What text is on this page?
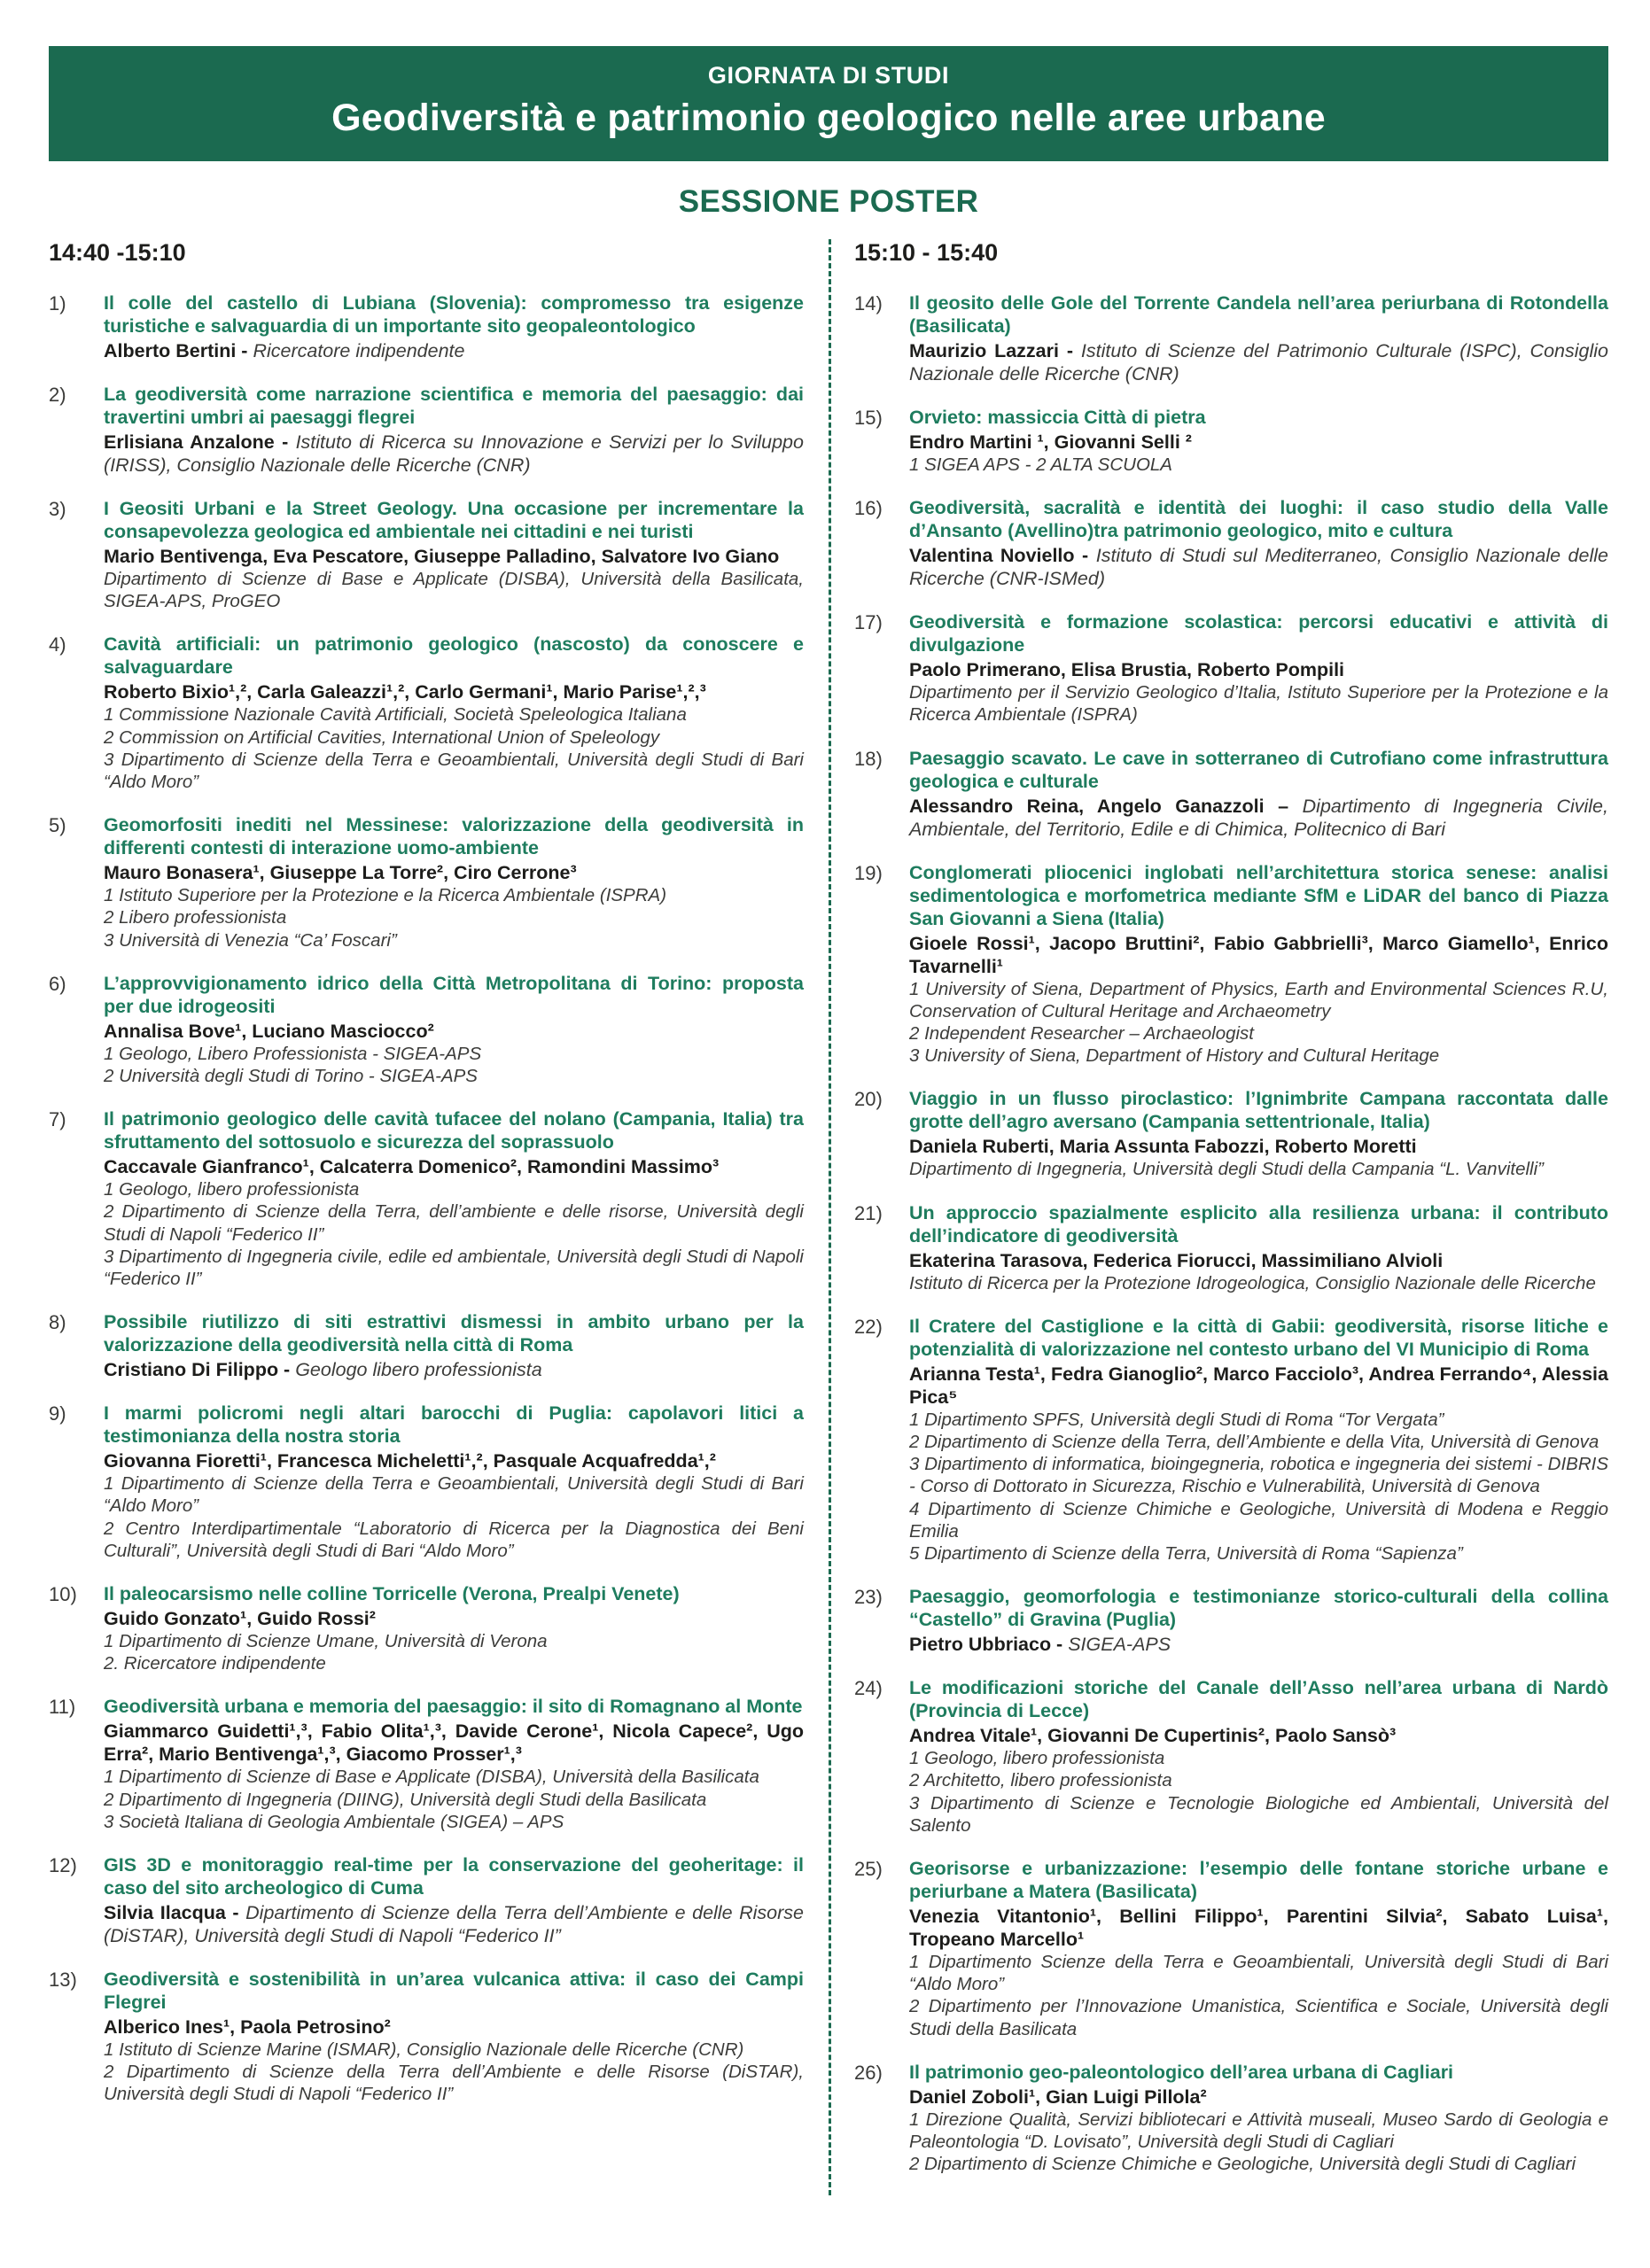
GIORNATA DI STUDI
Geodiversità e patrimonio geologico nelle aree urbane
SESSIONE POSTER
14:40 -15:10
1)	Il colle del castello di Lubiana (Slovenia): compromesso tra esigenze turistiche e salvaguardia di un importante sito geopaleontologico
Alberto Bertini - Ricercatore indipendente
2)	La geodiversità come narrazione scientifica e memoria del paesaggio: dai travertini umbri ai paesaggi flegrei
Erlisiana Anzalone - Istituto di Ricerca su Innovazione e Servizi per lo Sviluppo (IRISS), Consiglio Nazionale delle Ricerche (CNR)
3)	I Geositi Urbani e la Street Geology. Una occasione per incrementare la consapevolezza geologica ed ambientale nei cittadini e nei turisti
Mario Bentivenga, Eva Pescatore, Giuseppe Palladino, Salvatore Ivo Giano
Dipartimento di Scienze di Base e Applicate (DISBA), Università della Basilicata, SIGEA-APS, ProGEO
4)	Cavità artificiali: un patrimonio geologico (nascosto) da conoscere e salvaguardare
Roberto Bixio¹,², Carla Galeazzi¹,², Carlo Germani¹, Mario Parise¹,²,³
1 Commissione Nazionale Cavità Artificiali, Società Speleologica Italiana
2 Commission on Artificial Cavities, International Union of Speleology
3 Dipartimento di Scienze della Terra e Geoambientali, Università degli Studi di Bari “Aldo Moro”
5)	Geomorfositi inediti nel Messinese: valorizzazione della geodiversità in differenti contesti di interazione uomo-ambiente
Mauro Bonasera¹, Giuseppe La Torre², Ciro Cerrone³
1 Istituto Superiore per la Protezione e la Ricerca Ambientale (ISPRA)
2 Libero professionista
3 Università di Venezia “Ca’ Foscari”
6)	L’approvvigionamento idrico della Città Metropolitana di Torino: proposta per due idrogeositi
Annalisa Bove¹, Luciano Masciocco²
1 Geologo, Libero Professionista - SIGEA-APS
2 Università degli Studi di Torino - SIGEA-APS
7)	Il patrimonio geologico delle cavità tufacee del nolano (Campania, Italia) tra sfruttamento del sottosuolo e sicurezza del soprassuolo
Caccavale Gianfranco¹, Calcaterra Domenico², Ramondini Massimo³
1 Geologo, libero professionista
2 Dipartimento di Scienze della Terra, dell’ambiente e delle risorse, Università degli Studi di Napoli “Federico II”
3 Dipartimento di Ingegneria civile, edile ed ambientale, Università degli Studi di Napoli “Federico II”
8)	Possibile riutilizzo di siti estrattivi dismessi in ambito urbano per la valorizzazione della geodiversità nella città di Roma
Cristiano Di Filippo - Geologo libero professionista
9)	I marmi policromi negli altari barocchi di Puglia: capolavori litici a testimonianza della nostra storia
Giovanna Fioretti¹, Francesca Micheletti¹,², Pasquale Acquafredda¹,²
1 Dipartimento di Scienze della Terra e Geoambientali, Università degli Studi di Bari “Aldo Moro”
2 Centro Interdipartimentale “Laboratorio di Ricerca per la Diagnostica dei Beni Culturali”, Università degli Studi di Bari “Aldo Moro”
10)	Il paleocarsismo nelle colline Torricelle (Verona, Prealpi Venete)
Guido Gonzato¹, Guido Rossi²
1 Dipartimento di Scienze Umane, Università di Verona
2. Ricercatore indipendente
11)	Geodiversità urbana e memoria del paesaggio: il sito di Romagnano al Monte
Giammarco Guidetti¹,³, Fabio Olita¹,³, Davide Cerone¹, Nicola Capece², Ugo Erra², Mario Bentivenga¹,³, Giacomo Prosser¹,³
1 Dipartimento di Scienze di Base e Applicate (DISBA), Università della Basilicata
2 Dipartimento di Ingegneria (DIING), Università degli Studi della Basilicata
3 Società Italiana di Geologia Ambientale (SIGEA) – APS
12)	GIS 3D e monitoraggio real-time per la conservazione del geoheritage: il caso del sito archeologico di Cuma
Silvia Ilacqua - Dipartimento di Scienze della Terra dell’Ambiente e delle Risorse (DiSTAR), Università degli Studi di Napoli “Federico II”
13)	Geodiversità e sostenibilità in un’area vulcanica attiva: il caso dei Campi Flegrei
Alberico Ines¹, Paola Petrosino²
1 Istituto di Scienze Marine (ISMAR), Consiglio Nazionale delle Ricerche (CNR)
2 Dipartimento di Scienze della Terra dell’Ambiente e delle Risorse (DiSTAR), Università degli Studi di Napoli “Federico II”
15:10 - 15:40
14)	Il geosito delle Gole del Torrente Candela nell’area periurbana di Rotondella (Basilicata)
Maurizio Lazzari - Istituto di Scienze del Patrimonio Culturale (ISPC), Consiglio Nazionale delle Ricerche (CNR)
15)	Orvieto: massiccia Città di pietra
Endro Martini ¹, Giovanni Selli ²
1 SIGEA APS - 2 ALTA SCUOLA
16)	Geodiversità, sacralità e identità dei luoghi: il caso studio della Valle d’Ansanto (Avellino)tra patrimonio geologico, mito e cultura
Valentina Noviello - Istituto di Studi sul Mediterraneo, Consiglio Nazionale delle Ricerche (CNR-ISMed)
17)	Geodiversità e formazione scolastica: percorsi educativi e attività di divulgazione
Paolo Primerano, Elisa Brustia, Roberto Pompili
Dipartimento per il Servizio Geologico d’Italia, Istituto Superiore per la Protezione e la Ricerca Ambientale (ISPRA)
18)	Paesaggio scavato. Le cave in sotterraneo di Cutrofiano come infrastruttura geologica e culturale
Alessandro Reina, Angelo Ganazzoli – Dipartimento di Ingegneria Civile, Ambientale, del Territorio, Edile e di Chimica, Politecnico di Bari
19)	Conglomerati pliocenici inglobati nell’architettura storica senese: analisi sedimentologica e morfometrica mediante SfM e LiDAR del banco di Piazza San Giovanni a Siena (Italia)
Gioele Rossi¹, Jacopo Bruttini², Fabio Gabbrielli³, Marco Giamello¹, Enrico Tavarnelli¹
1 University of Siena, Department of Physics, Earth and Environmental Sciences R.U, Conservation of Cultural Heritage and Archaeometry
2 Independent Researcher – Archaeologist
3 University of Siena, Department of History and Cultural Heritage
20)	Viaggio in un flusso piroclastico: l’Ignimbrite Campana raccontata dalle grotte dell’agro aversano (Campania settentrionale, Italia)
Daniela Ruberti, Maria Assunta Fabozzi, Roberto Moretti
Dipartimento di Ingegneria, Università degli Studi della Campania “L. Vanvitelli”
21)	Un approccio spazialmente esplicito alla resilienza urbana: il contributo dell’indicatore di geodiversità
Ekaterina Tarasova, Federica Fiorucci, Massimiliano Alvioli
Istituto di Ricerca per la Protezione Idrogeologica, Consiglio Nazionale delle Ricerche
22)	Il Cratere del Castiglione e la città di Gabii: geodiversità, risorse litiche e potenzialità di valorizzazione nel contesto urbano del VI Municipio di Roma
Arianna Testa¹, Fedra Gianoglio², Marco Facciolo³, Andrea Ferrando⁴, Alessia Pica⁵
1 Dipartimento SPFS, Università degli Studi di Roma “Tor Vergata”
2 Dipartimento di Scienze della Terra, dell’Ambiente e della Vita, Università di Genova
3 Dipartimento di informatica, bioingegneria, robotica e ingegneria dei sistemi - DIBRIS - Corso di Dottorato in Sicurezza, Rischio e Vulnerabilità, Università di Genova
4 Dipartimento di Scienze Chimiche e Geologiche, Università di Modena e Reggio Emilia
5 Dipartimento di Scienze della Terra, Università di Roma “Sapienza”
23)	Paesaggio, geomorfologia e testimonianze storico-culturali della collina “Castello” di Gravina (Puglia)
Pietro Ubbriaco - SIGEA-APS
24)	Le modificazioni storiche del Canale dell’Asso nell’area urbana di Nardò (Provincia di Lecce)
Andrea Vitale¹, Giovanni De Cupertinis², Paolo Sansò³
1 Geologo, libero professionista
2 Architetto, libero professionista
3 Dipartimento di Scienze e Tecnologie Biologiche ed Ambientali, Università del Salento
25)	Georisorse e urbanizzazione: l’esempio delle fontane storiche urbane e periurbane a Matera (Basilicata)
Venezia Vitantonio¹, Bellini Filippo¹, Parentini Silvia², Sabato Luisa¹, Tropeano Marcello¹
1 Dipartimento Scienze della Terra e Geoambientali, Università degli Studi di Bari “Aldo Moro”
2 Dipartimento per l’Innovazione Umanistica, Scientifica e Sociale, Università degli Studi della Basilicata
26)	Il patrimonio geo-paleontologico dell’area urbana di Cagliari
Daniel Zoboli¹, Gian Luigi Pillola²
1 Direzione Qualità, Servizi bibliotecari e Attività museali, Museo Sardo di Geologia e Paleontologia “D. Lovisato”, Università degli Studi di Cagliari
2 Dipartimento di Scienze Chimiche e Geologiche, Università degli Studi di Cagliari
